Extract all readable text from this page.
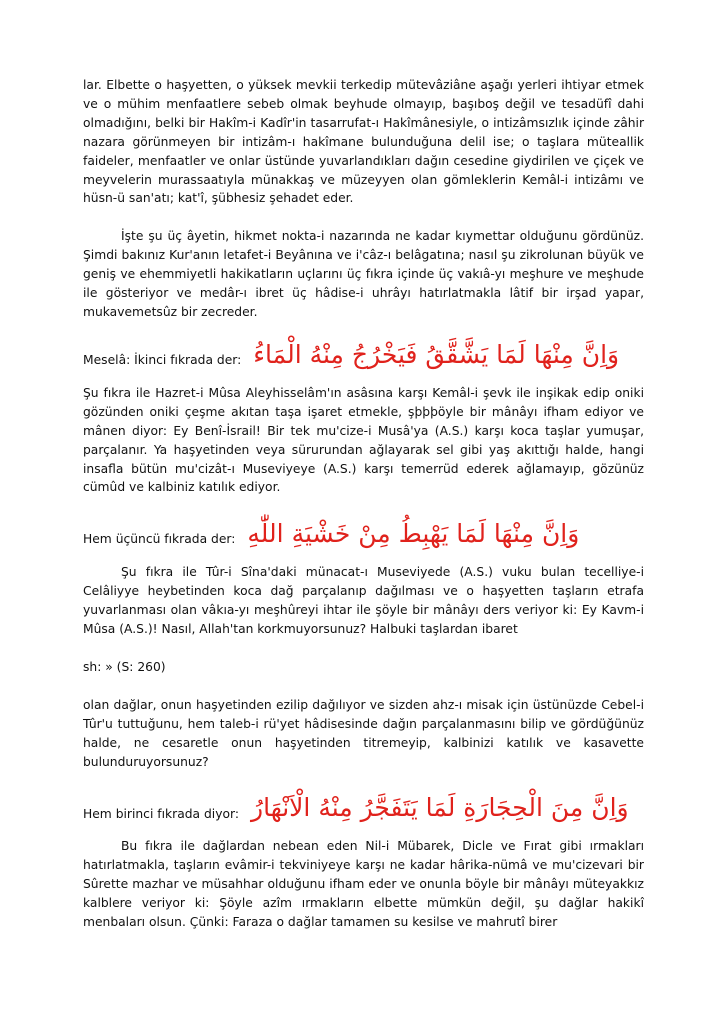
lar. Elbette o haşyetten, o yüksek mevkii terkedip mütevâziâne aşağı yerleri ihtiyar etmek ve o mühim menfaatlere sebeb olmak beyhude olmayıp, başıboş değil ve tesadüfî dahi olmadığını, belki bir Hakîm-i Kadîr'in tasarrufat-ı Hakîmânesiyle, o intizâmsızlık içinde zâhir nazara görünmeyen bir intizâm-ı hakîmane bulunduğuna delil ise; o taşlara müteallik faideler, menfaatler ve onlar üstünde yuvarlandıkları dağın cesedine giydirilen ve çiçek ve meyvelerin murassaatıyla münakkaş ve müzeyyen olan gömleklerin Kemâl-i intizâmı ve hüsn-ü san'atı; kat'î, şübhesiz şehadet eder.

İşte şu üç âyetin, hikmet nokta-i nazarında ne kadar kıymettar olduğunu gördünüz. Şimdi bakınız Kur'anın letafet-i Beyânına ve i'câz-ı belâgatına; nasıl şu zikrolunan büyük ve geniş ve ehemmiyetli hakikatların uçlarını üç fıkra içinde üç vakıâ-yı meşhure ve meşhude ile gösteriyor ve medâr-ı ibret üç hâdise-i uhrâyı hatırlatmakla lâtif bir irşad yapar, mukavemetsûz bir zecreder.

Meselâ: İkinci fıkrada der: وَاِنَّ مِنْهَا لَمَا يَشَّقَّقُ فَيَخْرُجُ مِنْهُ الْمَاءُ

Şu fıkra ile Hazret-i Mûsa Aleyhisselâm'ın asâsına karşı Kemâl-i şevk ile inşikak edip oniki gözünden oniki çeşme akıtan taşa işaret etmekle, şþþþöyle bir mânâyı ifham ediyor ve mânen diyor: Ey Benî-İsrail! Bir tek mu'cize-i Musâ'ya (A.S.) karşı koca taşlar yumuşar, parçalanır. Ya haşyetinden veya sürurundan ağlayarak sel gibi yaş akıttığı halde, hangi insafla bütün mu'cizât-ı Museviyeye (A.S.) karşı temerrüd ederek ağlamayıp, gözünüz cümûd ve kalbiniz katılık ediyor.

Hem üçüncü fıkrada der: وَاِنَّ مِنْهَا لَمَا يَهْبِطُ مِنْ خَشْيَةِ اللّٰهِ

Şu fıkra ile Tûr-i Sîna'daki münacat-ı Museviyede (A.S.) vuku bulan tecelliye-i Celâliyye heybetinden koca dağ parçalanıp dağılması ve o haşyetten taşların etrafa yuvarlanması olan vâkıa-yı meşhûreyi ihtar ile şöyle bir mânâyı ders veriyor ki: Ey Kavm-i Mûsa (A.S.)! Nasıl, Allah'tan korkmuyorsunuz? Halbuki taşlardan ibaret

sh: » (S: 260)

olan dağlar, onun haşyetinden ezilip dağılıyor ve sizden ahz-ı misak için üstünüzde Cebel-i Tûr'u tuttuğunu, hem taleb-i rü'yet hâdisesinde dağın parçalanmasını bilip ve gördüğünüz halde, ne cesaretle onun haşyetinden titremeyip, kalbinizi katılık ve kasavette bulunduruyorsunuz?

Hem birinci fıkrada diyor: وَاِنَّ مِنَ الْحِجَارَةِ لَمَا يَتَفَجَّرُ مِنْهُ الْاَنْهَارُ

Bu fıkra ile dağlardan nebean eden Nil-i Mübarek, Dicle ve Fırat gibi ırmakları hatırlatmakla, taşların evâmir-i tekviniyeye karşı ne kadar hârika-nümâ ve mu'cizevari bir Sûrette mazhar ve müsahhar olduğunu ifham eder ve onunla böyle bir mânâyı müteyakkız kalblere veriyor ki: Şöyle azîm ırmakların elbette mümkün değil, şu dağlar hakikî menbaları olsun. Çünki: Faraza o dağlar tamamen su kesilse ve mahrutî birer
